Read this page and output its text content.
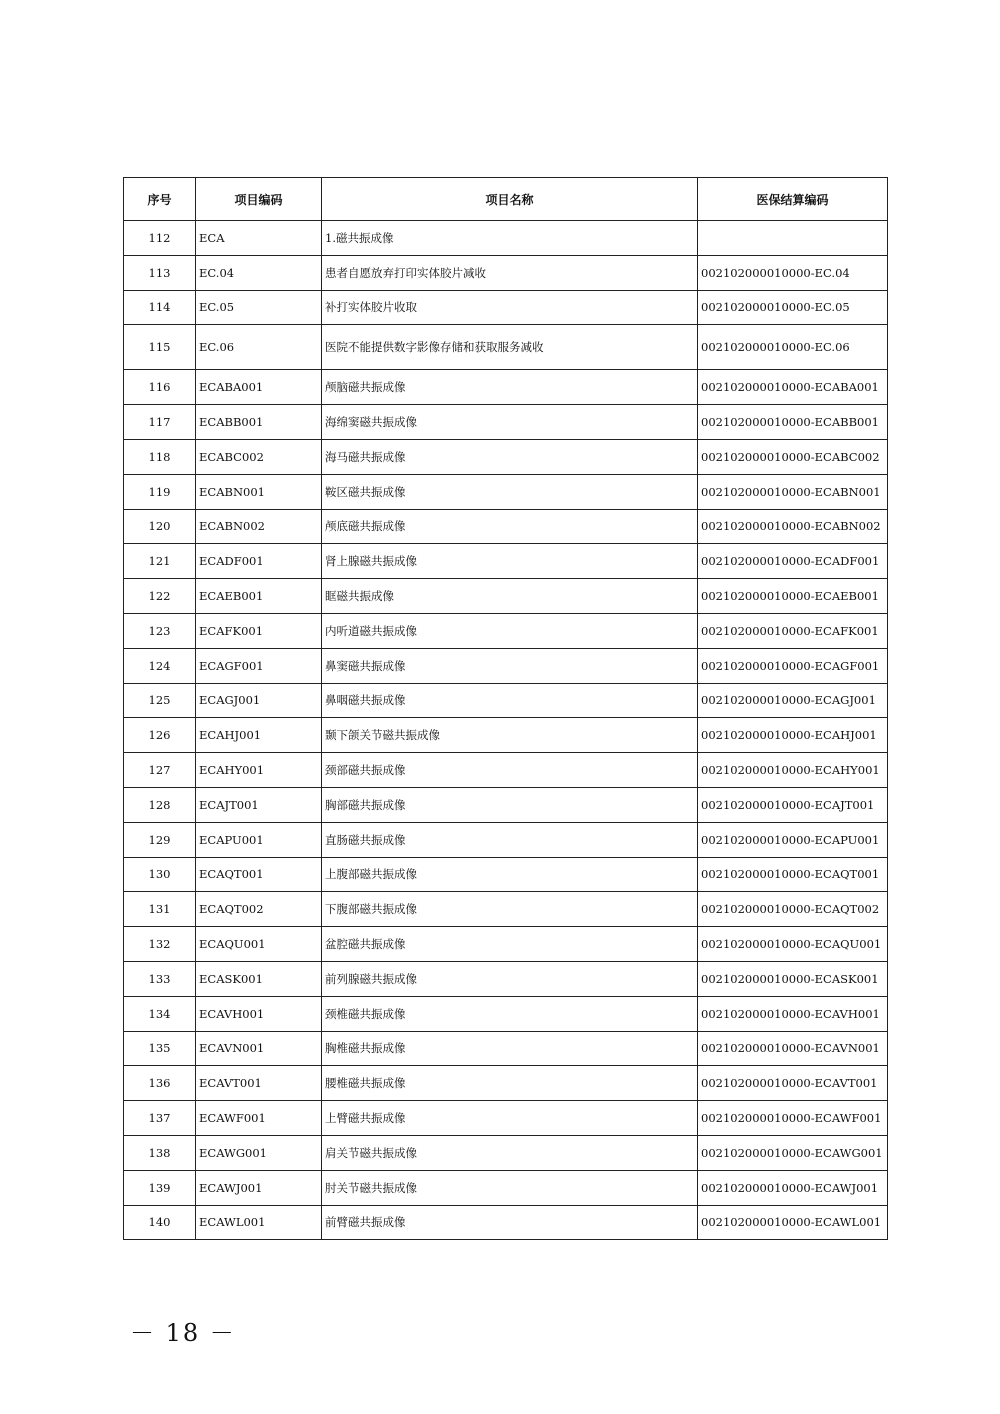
序号	项目编码	项目名称	医保结算编码
112	ECA	1.磁共振成像	
113	EC.04	患者自愿放弃打印实体胶片减收	002102000010000-EC.04
114	EC.05	补打实体胶片收取	002102000010000-EC.05
115	EC.06	医院不能提供数字影像存储和获取服务减收	002102000010000-EC.06
116	ECABA001	颅脑磁共振成像	002102000010000-ECABA001
117	ECABB001	海绵窦磁共振成像	002102000010000-ECABB001
118	ECABC002	海马磁共振成像	002102000010000-ECABC002
119	ECABN001	鞍区磁共振成像	002102000010000-ECABN001
120	ECABN002	颅底磁共振成像	002102000010000-ECABN002
121	ECADF001	肾上腺磁共振成像	002102000010000-ECADF001
122	ECAEB001	眶磁共振成像	002102000010000-ECAEB001
123	ECAFK001	内听道磁共振成像	002102000010000-ECAFK001
124	ECAGF001	鼻窦磁共振成像	002102000010000-ECAGF001
125	ECAGJ001	鼻咽磁共振成像	002102000010000-ECAGJ001
126	ECAHJ001	颞下颌关节磁共振成像	002102000010000-ECAHJ001
127	ECAHY001	颈部磁共振成像	002102000010000-ECAHY001
128	ECAJT001	胸部磁共振成像	002102000010000-ECAJT001
129	ECAPU001	直肠磁共振成像	002102000010000-ECAPU001
130	ECAQT001	上腹部磁共振成像	002102000010000-ECAQT001
131	ECAQT002	下腹部磁共振成像	002102000010000-ECAQT002
132	ECAQU001	盆腔磁共振成像	002102000010000-ECAQU001
133	ECASK001	前列腺磁共振成像	002102000010000-ECASK001
134	ECAVH001	颈椎磁共振成像	002102000010000-ECAVH001
135	ECAVN001	胸椎磁共振成像	002102000010000-ECAVN001
136	ECAVT001	腰椎磁共振成像	002102000010000-ECAVT001
137	ECAWF001	上臂磁共振成像	002102000010000-ECAWF001
138	ECAWG001	肩关节磁共振成像	002102000010000-ECAWG001
139	ECAWJ001	肘关节磁共振成像	002102000010000-ECAWJ001
140	ECAWL001	前臂磁共振成像	002102000010000-ECAWL001
－ 18 －
